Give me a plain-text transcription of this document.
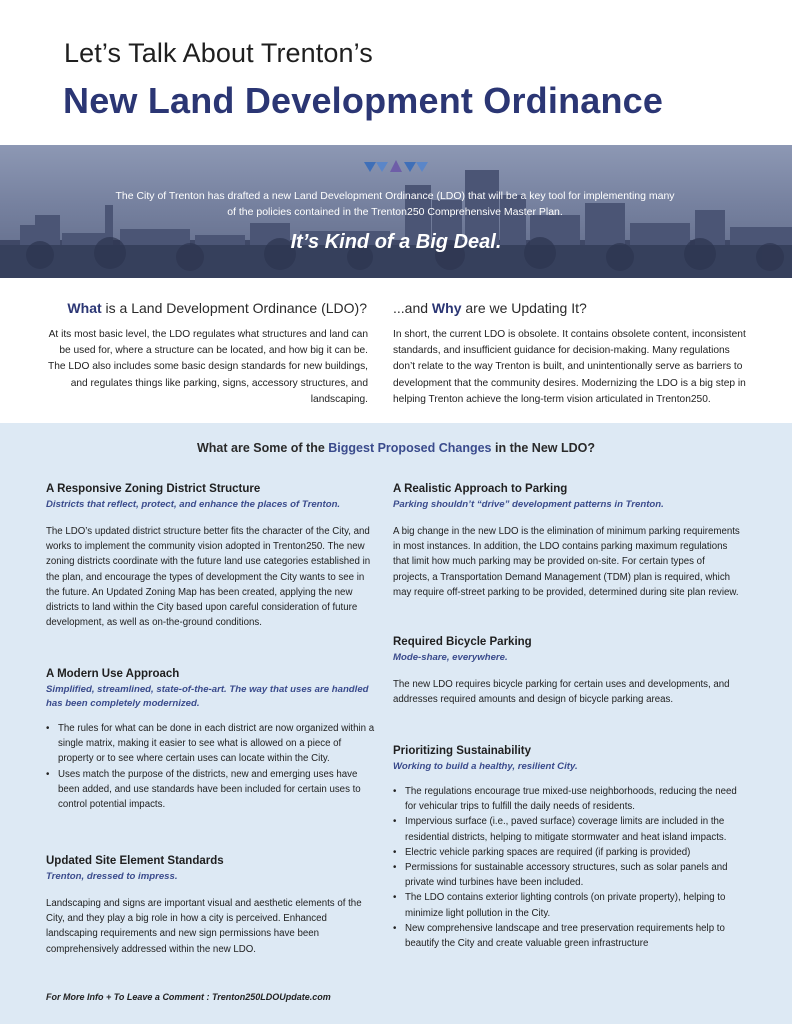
Let’s Talk About Trenton’s
New Land Development Ordinance
The City of Trenton has drafted a new Land Development Ordinance (LDO) that will be a key tool for implementing many of the policies contained in the Trenton250 Comprehensive Master Plan.
It’s Kind of a Big Deal.
What is a Land Development Ordinance (LDO)?
At its most basic level, the LDO regulates what structures and land can be used for, where a structure can be located, and how big it can be. The LDO also includes some basic design standards for new buildings, and regulates things like parking, signs, accessory structures, and landscaping.
...and Why are we Updating It?
In short, the current LDO is obsolete. It contains obsolete content, inconsistent standards, and insufficient guidance for decision-making. Many regulations don’t relate to the way Trenton is built, and unintentionally serve as barriers to development that the community desires. Modernizing the LDO is a big step in helping Trenton achieve the long-term vision articulated in Trenton250.
What are Some of the Biggest Proposed Changes in the New LDO?
A Responsive Zoning District Structure
Districts that reflect, protect, and enhance the places of Trenton.

The LDO’s updated district structure better fits the character of the City, and works to implement the community vision adopted in Trenton250. The new zoning districts coordinate with the future land use categories established in the plan, and encourage the types of development the City wants to see in the future. An Updated Zoning Map has been created, applying the new districts to land within the City based upon careful consideration of future development, as well as on-the-ground conditions.

A Modern Use Approach
Simplified, streamlined, state-of-the-art. The way that uses are handled has been completely modernized.
• The rules for what can be done in each district are now organized within a single matrix, making it easier to see what is allowed on a piece of property or to see where certain uses can locate within the City.
• Uses match the purpose of the districts, new and emerging uses have been added, and use standards have been included for certain uses to control potential impacts.
Updated Site Element Standards
Trenton, dressed to impress.

Landscaping and signs are important visual and aesthetic elements of the City, and they play a big role in how a city is perceived. Enhanced landscaping requirements and new sign permissions have been comprehensively addressed within the new LDO.

A Realistic Approach to Parking
Parking shouldn’t “drive” development patterns in Trenton.

A big change in the new LDO is the elimination of minimum parking requirements in most instances. In addition, the LDO contains parking maximum regulations that limit how much parking may be provided on-site. For certain types of projects, a Transportation Demand Management (TDM) plan is required, which may require off-street parking to be provided, determined during site plan review.

Required Bicycle Parking
Mode-share, everywhere.

The new LDO requires bicycle parking for certain uses and developments, and addresses required amounts and design of bicycle parking areas.

Prioritizing Sustainability
Working to build a healthy, resilient City.
• The regulations encourage true mixed-use neighborhoods, reducing the need for vehicular trips to fulfill the daily needs of residents.
• Impervious surface (i.e., paved surface) coverage limits are included in the residential districts, helping to mitigate stormwater and heat island impacts.
• Electric vehicle parking spaces are required (if parking is provided)
• Permissions for sustainable accessory structures, such as solar panels and private wind turbines have been included.
• The LDO contains exterior lighting controls (on private property), helping to minimize light pollution in the City.
• New comprehensive landscape and tree preservation requirements help to beautify the City and create valuable green infrastructure
For More Info + To Leave a Comment : Trenton250LDOUpdate.com
